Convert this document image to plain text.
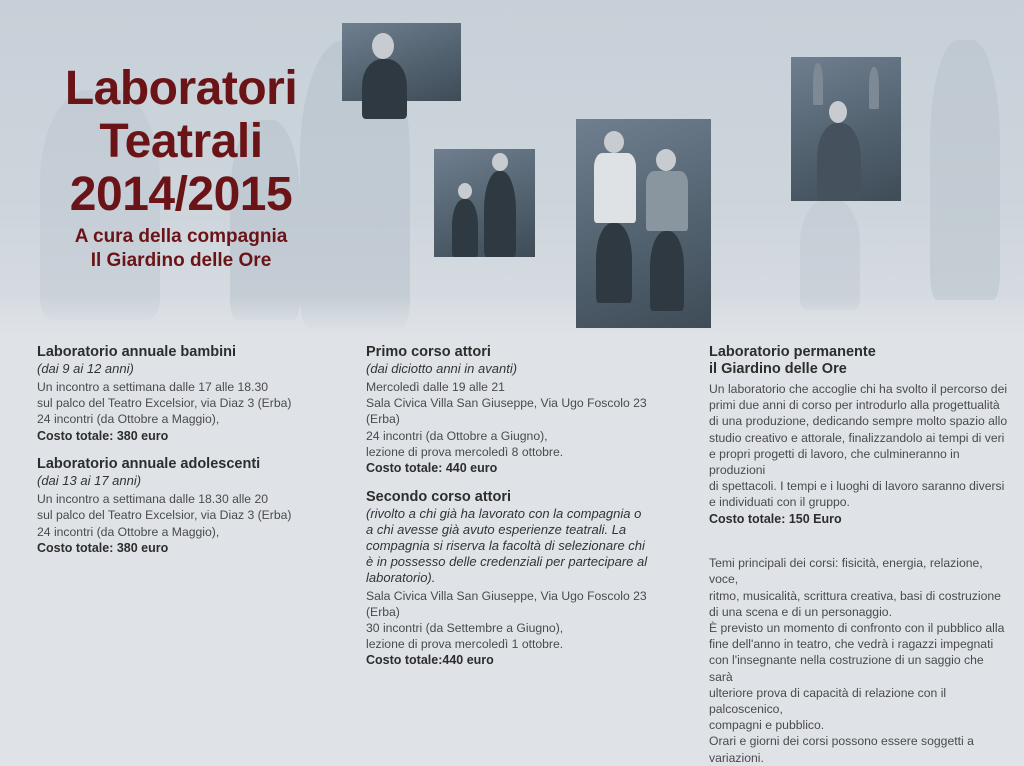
Laboratori
Teatrali
2014/2015
A cura della compagnia
Il Giardino delle Ore
Laboratorio annuale bambini
(dai 9 ai 12 anni)
Un incontro a settimana dalle 17 alle 18.30
sul palco del Teatro Excelsior, via Diaz 3 (Erba)
24 incontri (da Ottobre a Maggio),
Costo totale: 380 euro
Laboratorio annuale adolescenti
(dai 13 ai 17 anni)
Un incontro a settimana dalle 18.30 alle 20
sul palco del Teatro Excelsior, via Diaz 3 (Erba)
24 incontri (da Ottobre a Maggio),
Costo totale: 380 euro
Primo corso attori
(dai diciotto anni in avanti)
Mercoledì dalle 19 alle 21
Sala Civica Villa San Giuseppe, Via Ugo Foscolo 23 (Erba)
24 incontri (da Ottobre a Giugno),
lezione di prova mercoledì 8 ottobre.
Costo totale: 440 euro
Secondo corso attori
(rivolto a chi già ha lavorato con la compagnia o
a chi avesse già avuto esperienze teatrali. La
compagnia si riserva la facoltà di selezionare chi
è in possesso delle credenziali per partecipare al
laboratorio).
Sala Civica Villa San Giuseppe, Via Ugo Foscolo 23 (Erba)
30 incontri (da Settembre a Giugno),
lezione di prova mercoledì 1 ottobre.
Costo totale:440 euro
Laboratorio permanente
il Giardino delle Ore
Un laboratorio che accoglie chi ha svolto il percorso dei
primi due anni di corso per introdurlo alla progettualità
di una produzione, dedicando sempre molto spazio allo
studio creativo e attorale, finalizzandolo ai tempi di veri
e propri progetti di lavoro, che culmineranno in produzioni
di spettacoli. I tempi e i luoghi di lavoro saranno diversi
e individuati con il gruppo.
Costo totale: 150 Euro
Temi principali dei corsi: fisicità, energia, relazione, voce,
ritmo, musicalità, scrittura creativa, basi di costruzione
di una scena e di un personaggio.
È previsto un momento di confronto con il pubblico alla
fine dell'anno in teatro, che vedrà i ragazzi impegnati
con l'insegnante nella costruzione di un saggio che sarà
ulteriore prova di capacità di relazione con il palcoscenico,
compagni e pubblico.
Orari e giorni dei corsi possono essere soggetti a variazioni.
